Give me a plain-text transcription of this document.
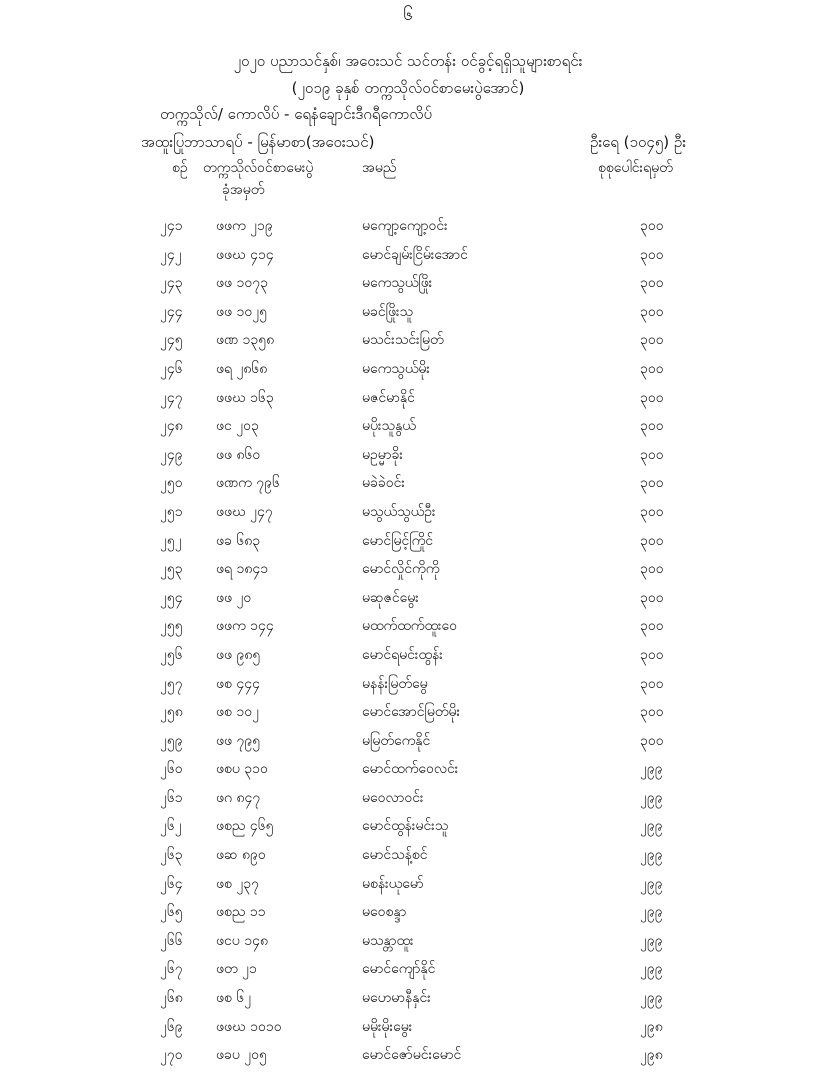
၆
၂၀၂၀ ပညာသင်နှစ်၊ အဝေးသင် သင်တန်း ဝင်ခွင့်ရရှိသူများစာရင်း
(၂၀၁၉ ခုနှစ် တက္ကသိုလ်ဝင်စာမေးပွဲအောင်)
တက္ကသိုလ်/ ကောလိပ် - ရေနံချောင်းဒီဂရီကောလိပ်
အထူးပြုဘာသာရပ် - မြန်မာစာ(အဝေးသင်)	ဦးရေ (၁၀၄၅) ဦး
စဉ် တက္ကသိုလ်ဝင်စာမေးပွဲ
ခုံအမှတ်
အမည်	စုစုပေါင်းရမှတ်
၂၄၁ ဖဖက ၂၁၉	မကျော့ကျော့ဝင်း	၃၀၀
၂၄၂ ဖဖဃ ၄၁၄	မောင်ချမ်းငြိမ်းအောင်	၃၀၀
၂၄၃ ဖဖ ၁၀၇၃	မကေသွယ်ဖြိုး	၃၀၀
၂၄၄ ဖဖ ၁၀၂၅	မခင်ဖြိုးသူ	၃၀၀
၂၄၅ ဖဏ ၁၃၅၈	မသင်းသင်းမြတ်	၃၀၀
၂၄၆ ဖရ ၂၈၆၈	မကေသွယ်မိုး	၃၀၀
၂၄၇ ဖဖဃ ၁၆၃	မဇင်မာနိုင်	၃၀၀
၂၄၈ ဖင ၂၀၃	မပိုးသူနွယ်	၃၀၀
၂၄၉ ဖဖ ၈၆၀	မဥမ္မာခိုး	၃၀၀
၂၅၀ ဖဏက ၇၉၆	မခဲခဲဝင်း	၃၀၀
၂၅၁ ဖဖဃ ၂၄၇	မသွယ်သွယ်ဦး	၃၀၀
၂၅၂ ဖခ ၆၈၃	မောင်မြင့်ကြိုင်	၃၀၀
၂၅၃ ဖရ ၁၈၄၁	မောင်လှိုင်ကိုကို	၃၀၀
၂၅၄ ဖဖ ၂၀	မဆုဇင်မွေး	၃၀၀
၂၅၅ ဖဖက ၁၄၄	မထက်ထက်ထူးဝေ	၃၀၀
၂၅၆ ဖဖ ၉၈၅	မောင်ရမင်းထွန်း	၃၀၀
၂၅၇ ဖစ ၄၄၄	မနန်းမြတ်မွေ	၃၀၀
၂၅၈ ဖစ ၁၀၂	မောင်အောင်မြတ်မိုး	၃၀၀
၂၅၉ ဖဖ ၇၉၅	မမြတ်ကေနိုင်	၃၀၀
၂၆၀ ဖစပ ၃၁၀	မောင်ထက်ဝေလင်း	၂၉၉
၂၆၁ ဖဂ ၈၄၇	မဝေလာဝင်း	၂၉၉
၂၆၂ ဖစည ၄၆၅	မောင်ထွန်းမင်းသူ	၂၉၉
၂၆၃ ဖဆ ၈၉၀	မောင်သန့်စင်	၂၉၉
၂၆၄ ဖစ ၂၃၇	မစန်းယုမော်	၂၉၉
၂၆၅ ဖစည ၁၁	မဝေစန္ဒာ	၂၉၉
၂၆၆ ဖငပ ၁၄၈	မသန္တာထူး	၂၉၉
၂၆၇ ဖတ ၂၁	မောင်ကျော်နိုင်	၂၉၉
၂၆၈ ဖစ ၆၂	မဟေမာနီနှင်း	၂၉၉
၂၆၉ ဖဖဃ ၁၀၁၀	မမိုးမိုးမွေး	၂၉၈
၂၇၀ ဖခပ ၂၀၅	မောင်ဇော်မင်းမောင်	၂၉၈
